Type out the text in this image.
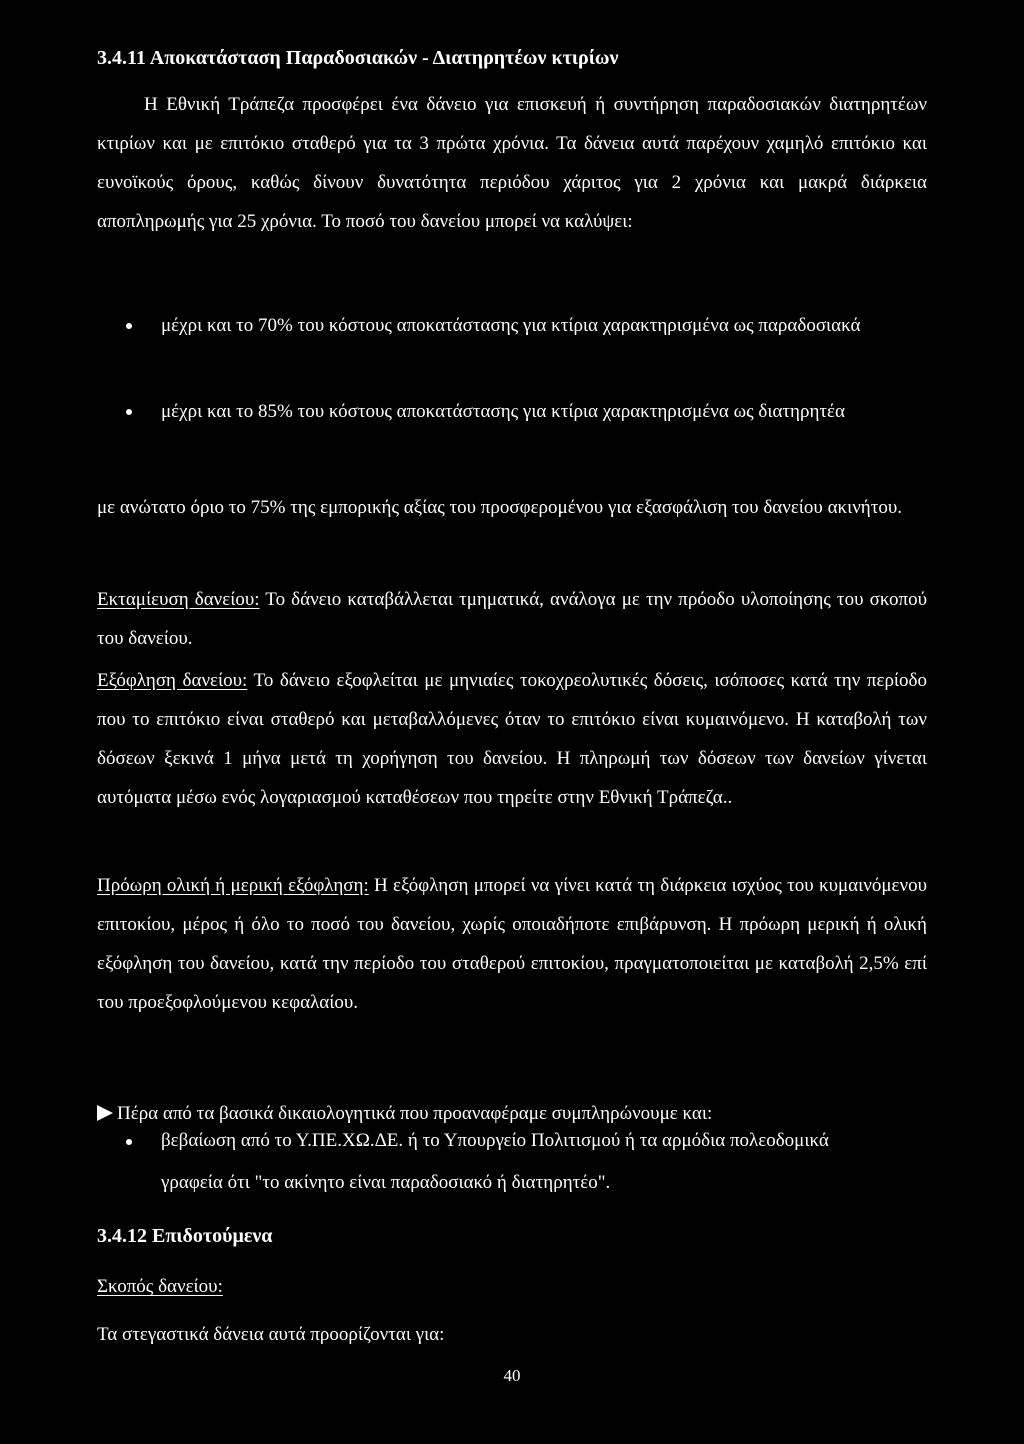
3.4.11 Αποκατάσταση Παραδοσιακών - Διατηρητέων κτιρίων

Η Εθνική Τράπεζα προσφέρει ένα δάνειο για επισκευή ή συντήρηση παραδοσιακών διατηρητέων κτιρίων και με επιτόκιο σταθερό για τα 3 πρώτα χρόνια. Τα δάνεια αυτά παρέχουν χαμηλό επιτόκιο και ευνοϊκούς όρους, καθώς δίνουν δυνατότητα περιόδου χάριτος για 2 χρόνια και μακρά διάρκεια αποπληρωμής για 25 χρόνια. Το ποσό του δανείου μπορεί να καλύψει:

μέχρι και το 70% του κόστους αποκατάστασης για κτίρια χαρακτηρισμένα ως παραδοσιακά
μέχρι και το 85% του κόστους αποκατάστασης για κτίρια χαρακτηρισμένα ως διατηρητέα

με ανώτατο όριο το 75% της εμπορικής αξίας του προσφερομένου για εξασφάλιση του δανείου ακινήτου.

Εκταμίευση δανείου: Το δάνειο καταβάλλεται τμηματικά, ανάλογα με την πρόοδο υλοποίησης του σκοπού του δανείου.

Εξόφληση δανείου: Το δάνειο εξοφλείται με μηνιαίες τοκοχρεολυτικές δόσεις, ισόποσες κατά την περίοδο που το επιτόκιο είναι σταθερό και μεταβαλλόμενες όταν το επιτόκιο είναι κυμαινόμενο. Η καταβολή των δόσεων ξεκινά 1 μήνα μετά τη χορήγηση του δανείου. Η πληρωμή των δόσεων των δανείων γίνεται αυτόματα μέσω ενός λογαριασμού καταθέσεων που τηρείτε στην Εθνική Τράπεζα..

Πρόωρη ολική ή μερική εξόφληση: Η εξόφληση μπορεί να γίνει κατά τη διάρκεια ισχύος του κυμαινόμενου επιτοκίου, μέρος ή όλο το ποσό του δανείου, χωρίς οποιαδήποτε επιβάρυνση. Η πρόωρη μερική ή ολική εξόφληση του δανείου, κατά την περίοδο του σταθερού επιτοκίου, πραγματοποιείται με καταβολή 2,5% επί του προεξοφλούμενου κεφαλαίου.

Πέρα από τα βασικά δικαιολογητικά που προαναφέραμε συμπληρώνουμε και:

βεβαίωση από το Υ.ΠΕ.ΧΩ.ΔΕ. ή το Υπουργείο Πολιτισμού ή τα αρμόδια πολεοδομικά γραφεία ότι "το ακίνητο είναι παραδοσιακό ή διατηρητέο".
3.4.12 Επιδοτούμενα

Σκοπός δανείου:

Τα στεγαστικά δάνεια αυτά προορίζονται για:

40
